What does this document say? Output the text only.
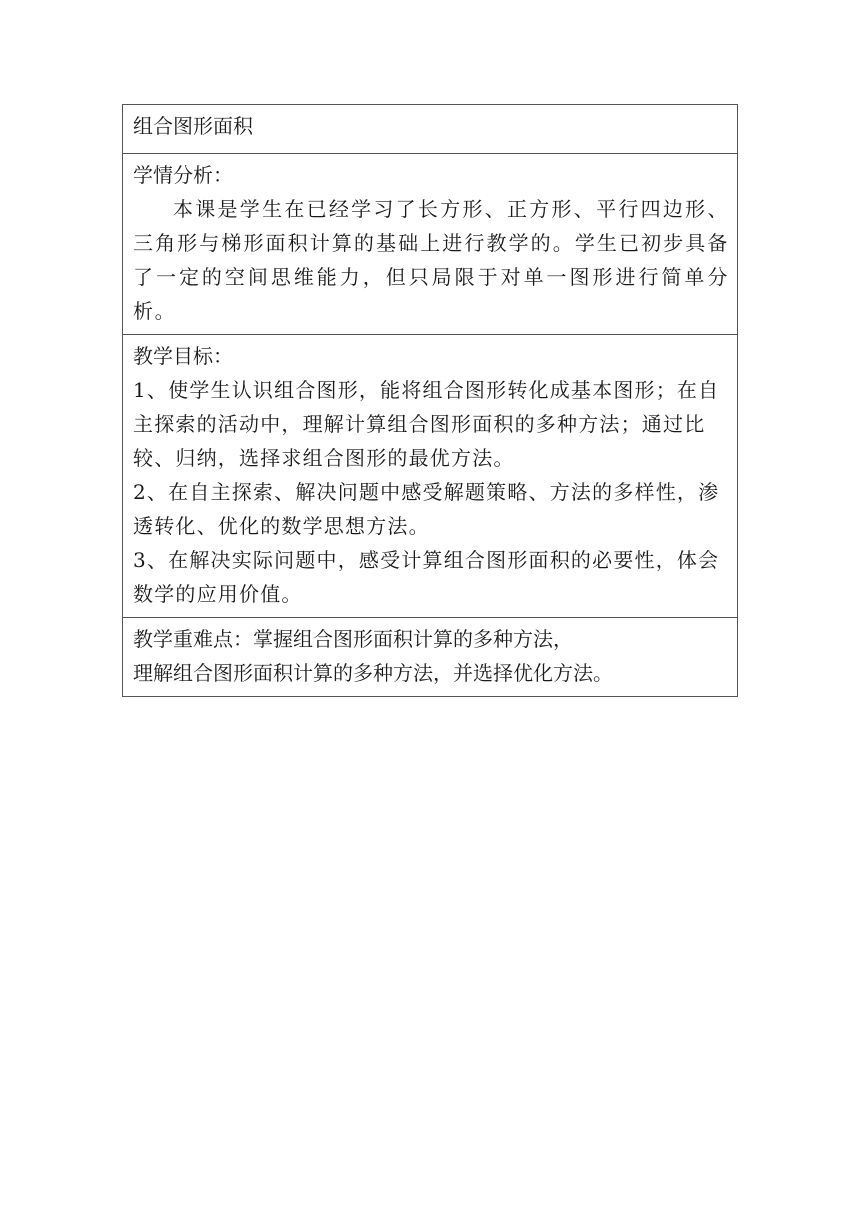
组合图形面积

学情分析：
本课是学生在已经学习了长方形、正方形、平行四边形、三角形与梯形面积计算的基础上进行教学的。学生已初步具备了一定的空间思维能力，但只局限于对单一图形进行简单分析。

教学目标：
1、使学生认识组合图形，能将组合图形转化成基本图形；在自主探索的活动中，理解计算组合图形面积的多种方法；通过比较、归纳，选择求组合图形的最优方法。
2、在自主探索、解决问题中感受解题策略、方法的多样性，渗透转化、优化的数学思想方法。
3、在解决实际问题中，感受计算组合图形面积的必要性，体会数学的应用价值。

教学重难点：掌握组合图形面积计算的多种方法，
理解组合图形面积计算的多种方法，并选择优化方法。
